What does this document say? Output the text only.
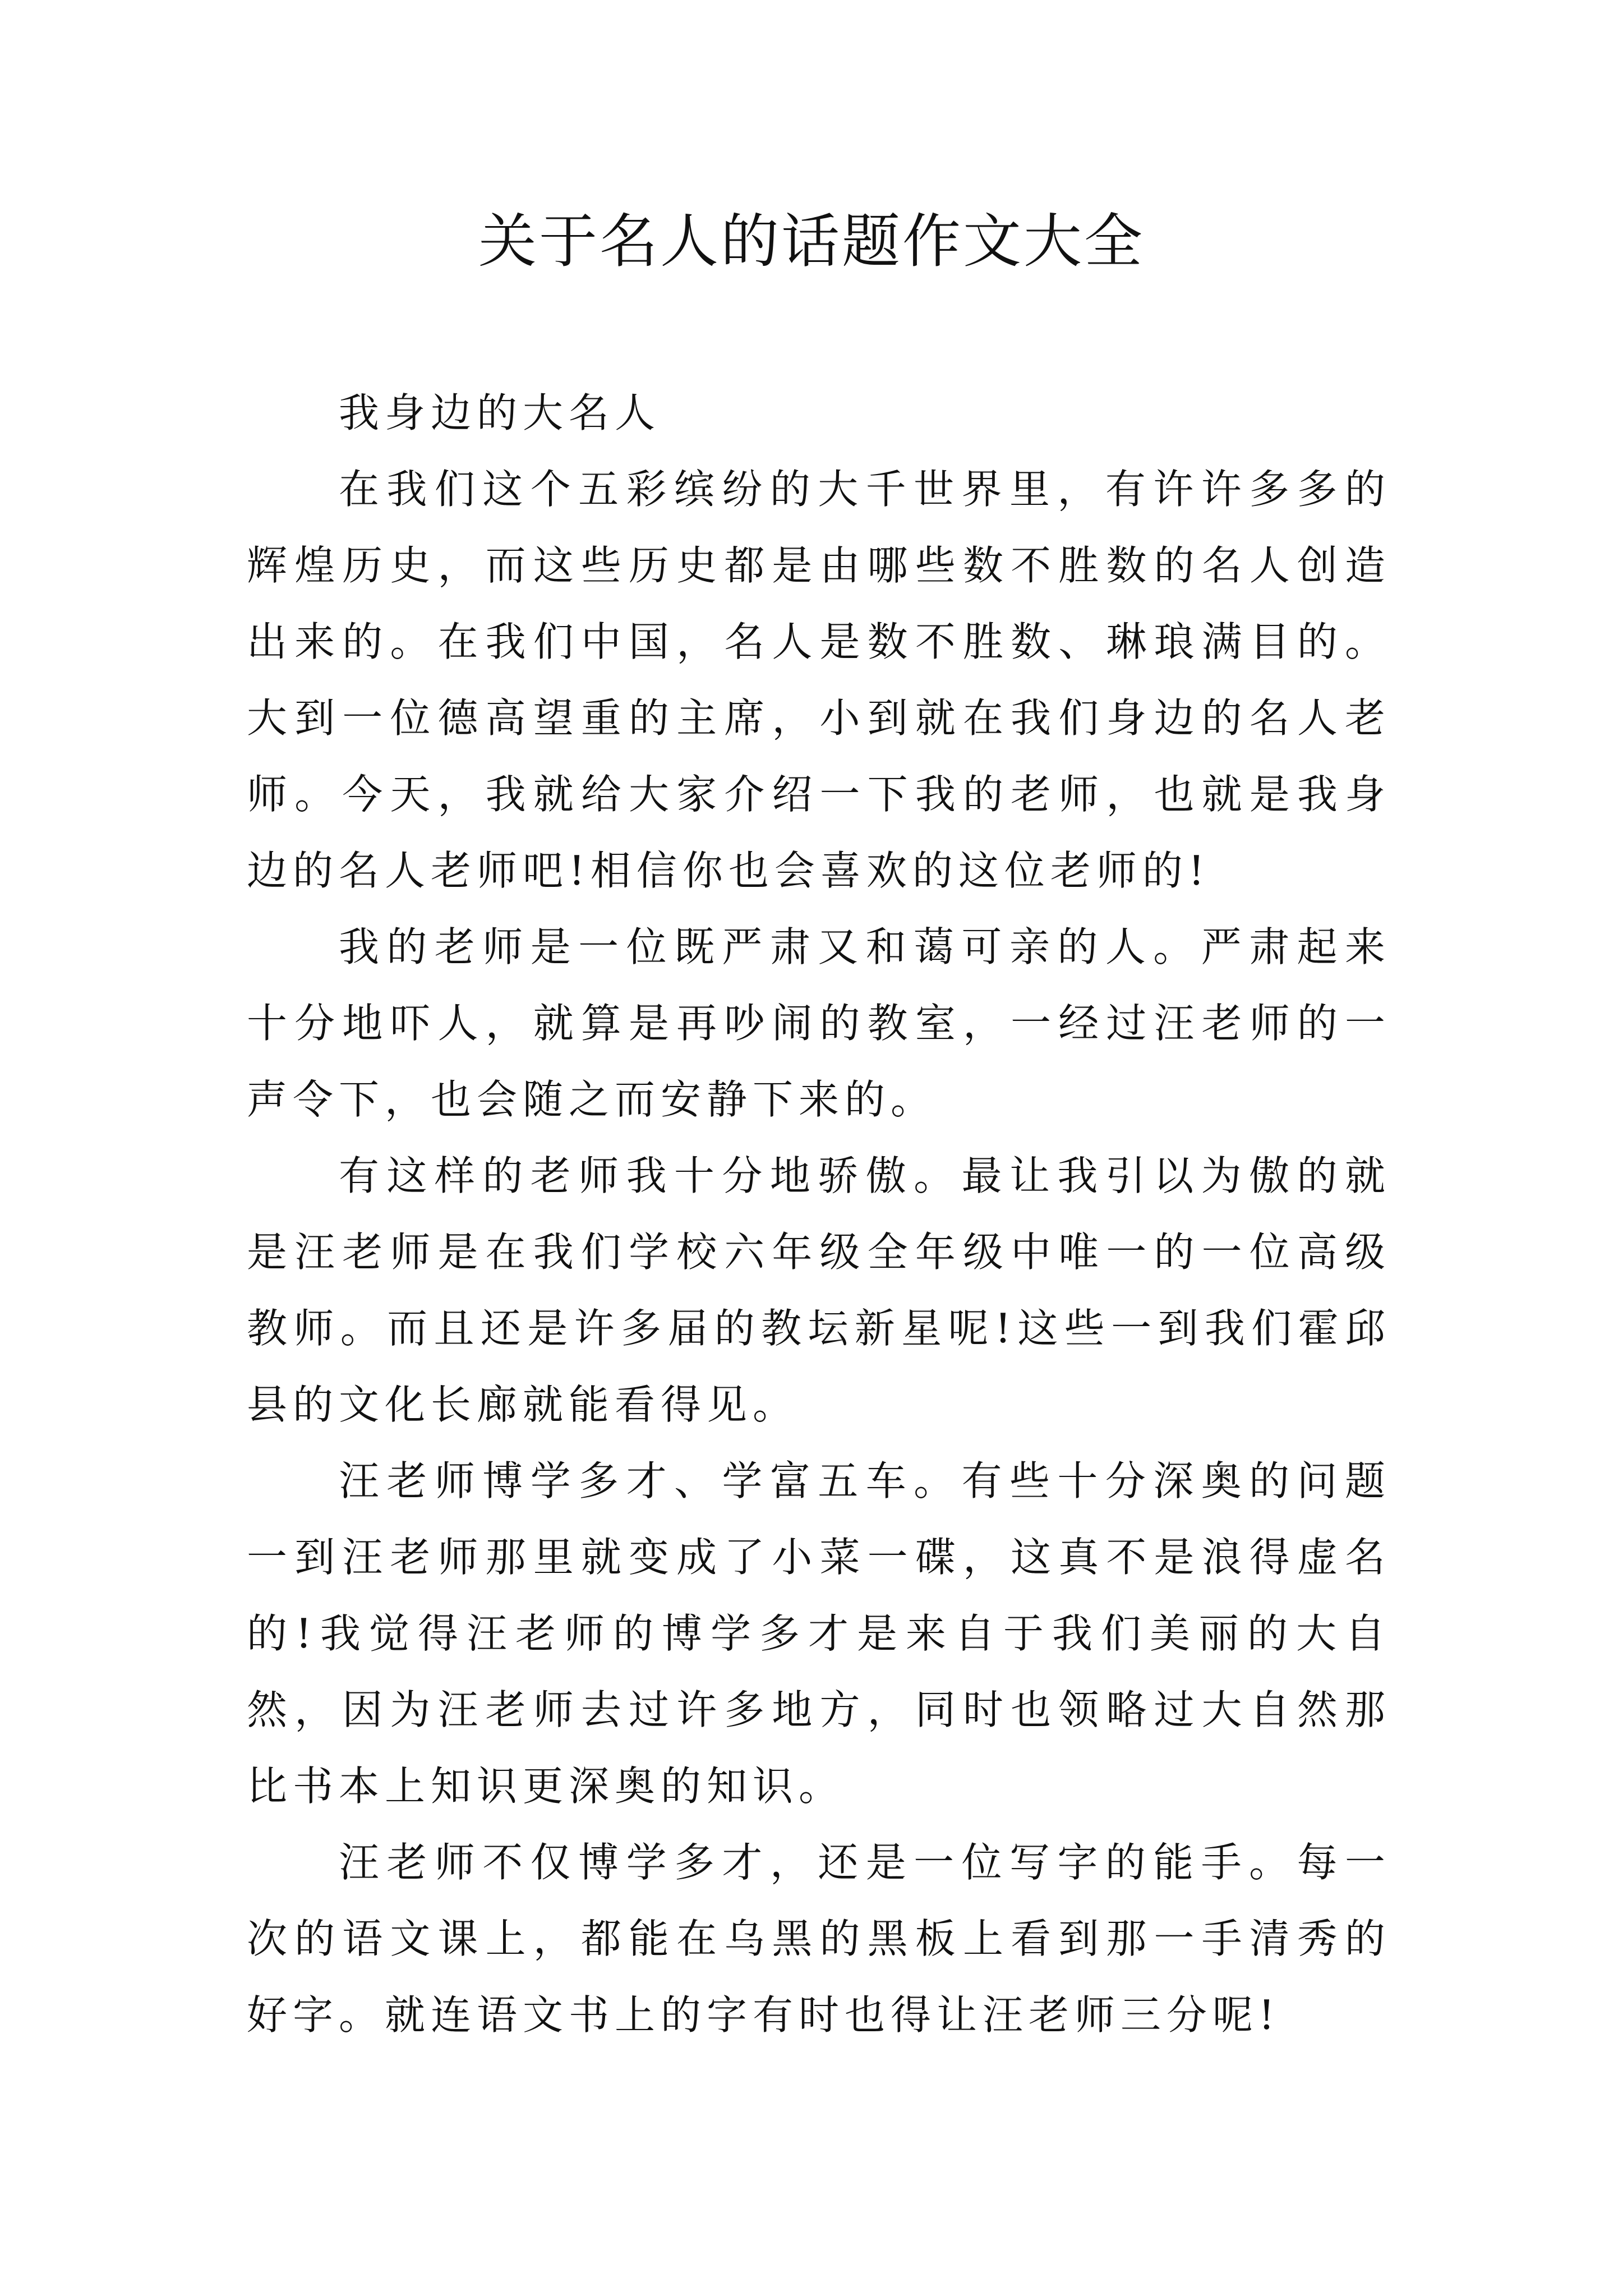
关于名人的话题作文大全

我身边的大名人

在我们这个五彩缤纷的大千世界里，有许许多多的辉煌历史，而这些历史都是由哪些数不胜数的名人创造出来的。在我们中国，名人是数不胜数、琳琅满目的。大到一位德高望重的主席，小到就在我们身边的名人老师。今天，我就给大家介绍一下我的老师，也就是我身边的名人老师吧!相信你也会喜欢的这位老师的!

我的老师是一位既严肃又和蔼可亲的人。严肃起来十分地吓人，就算是再吵闹的教室，一经过汪老师的一声令下，也会随之而安静下来的。

有这样的老师我十分地骄傲。最让我引以为傲的就是汪老师是在我们学校六年级全年级中唯一的一位高级教师。而且还是许多届的教坛新星呢!这些一到我们霍邱县的文化长廊就能看得见。

汪老师博学多才、学富五车。有些十分深奥的问题一到汪老师那里就变成了小菜一碟，这真不是浪得虚名的!我觉得汪老师的博学多才是来自于我们美丽的大自然，因为汪老师去过许多地方，同时也领略过大自然那比书本上知识更深奥的知识。

汪老师不仅博学多才，还是一位写字的能手。每一次的语文课上，都能在乌黑的黑板上看到那一手清秀的好字。就连语文书上的字有时也得让汪老师三分呢!
